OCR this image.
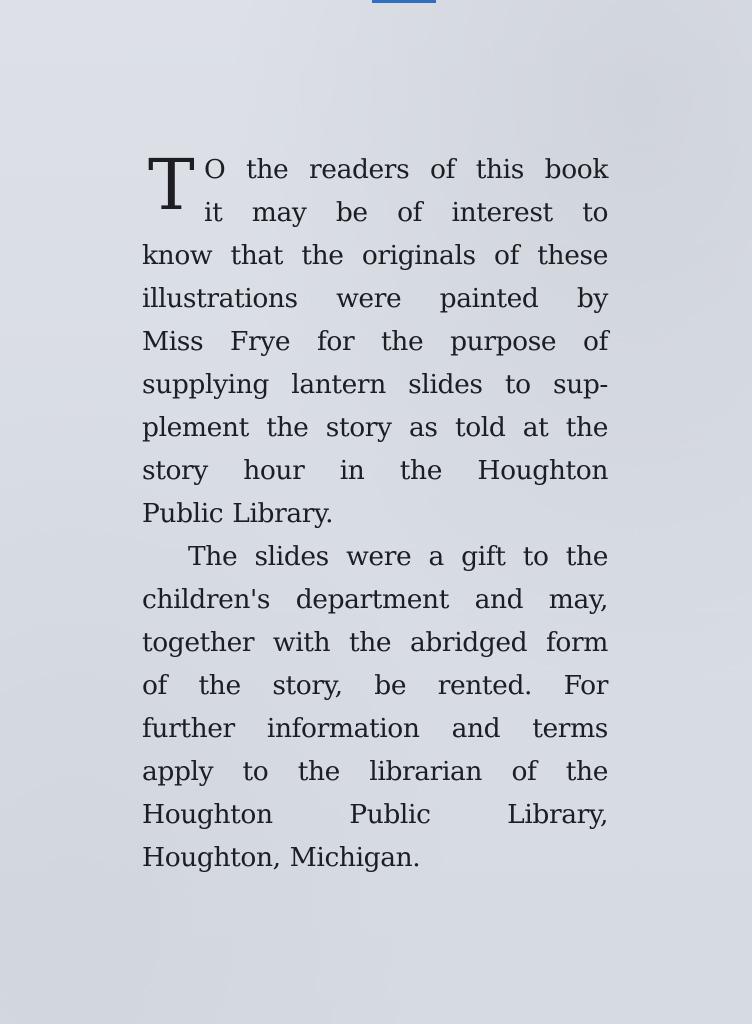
T O the readers of this book
it may be of interest to
know that the originals of these
illustrations were painted by
Miss Frye for the purpose of
supplying lantern slides to sup-
plement the story as told at the
story hour in the Houghton
Public Library.
The slides were a gift to the
children's department and may,
together with the abridged form
of the story, be rented. For
further information and terms
apply to the librarian of the
Houghton Public Library,
Houghton, Michigan.
